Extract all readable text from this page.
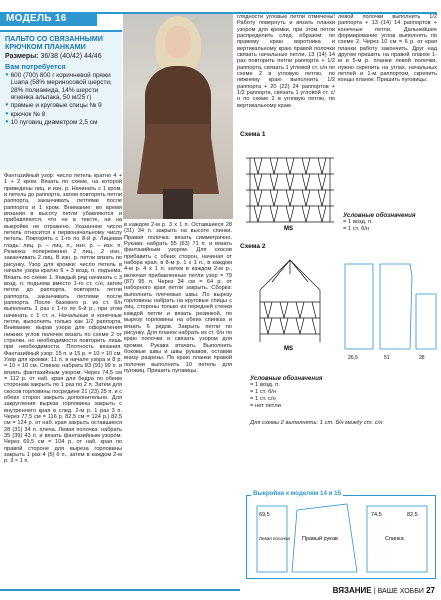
МОДЕЛЬ 16
ПАЛЬТО СО СВЯЗАННЫМИ КРЮЧКОМ ПЛАНКАМИ
Размеры: 36/38 (40/42) 44/46
Вам потребуется
● 600 (700) 800 г коричневой пряжи Luana (58% мериносовой шерсти, 28% полиамида, 14% шерсти ягненка альпака, 50 м/25 г)
● прямые и круговые спицы № 9
● крючок № 8
● 10 пуговиц диаметром 2,5 см
Фантазийный узор: число петель кратно 4 + 1 + 2 кром. Вязать по схеме, на которой приведены лиц. и изн. р. Начинать с 1 кром. и петель до раппорта, затем повторять петли раппорта, заканчивать петлями после раппорта и 1 кром. Внимание: во время вязания в высоту петли убавляются и прибавляются, что не в тексте, ни на выкройке не отражено. Указанное число петель относится к первоначальному числу петель. Повторять с 1-го по 8-й р. Лицевая гладь: лиц. р. – лиц. п., изн. р. – изн. п. Резинка: попеременно 2 лиц., 2 изн., заканчивать 2 лиц. В изн. р. петли вязать по рисунку. Узор для кромки: число петель в начале узора кратно 6 + 3 возд. п. подъема. Вязать по схеме 1. Каждый ряд начинать с 3 возд. п. подъема вместо 1-го ст. с/н, затем петли до раппорта, повторять петли раппорта, заканчивать петлями после раппорта. После базового р. из ст. б/н выполнить 1 раз с 1-го по 6-й р., при этом начинать с 1 ст. н. Начальные и конечные петли, выполнять только как 1/2 раппорта. Внимание: вырав узора для оформления нижних углов полочек вязать по схеме 2 от стрелки, но необходимости повторить лишь при необходимости. Плотность вязания. Фантазийный узор: 15 п. и 15 р. = 10 × 10 см. Узор для кромки: 11 п. в начале узора и 8 р. = 10 × 10 см. Спинка: набрать 83 (91) 99 п. и вязать фантазийным узором. Через 74,5 см = 112 р. от наб. края для бедра по обеим сторонам закрыть по 1 раз по 2 п. Затем для скосов горловины посредине 21 (23) 25 п. и с обеих сторон закрыть дополнительно. Для закругления выреза горловины закрыть с внутреннего края в след. 2-м р. 1 раз 3 п. Через 77,5 см = 116 р. 82,5 см = 124 р.) 82,5 см = 124 р. от наб. края закрыть оставшиеся 28 (31) 34 п. плеча. Левая полочка: набрать 35 (39) 43 п. и вязать фантазийным узором. Через 69,5 см = 104 р. от наб. края по правой стороне для выреза горловины закрыть 1 раз 4 (5) 6 п., затем в каждом 2-м р. 3 × 1 п.
в каждом 2-м р. 3 х 1 п. Оставшиеся 28 (31) 34 п. закрыть на высоте спинки. Правая полочка: вязать симметрично. Рукава: набрать 55 (63) 71 п. и вязать фантазийным узором. Для скосов прибавить с обеих сторон, начиная от набора края, в 8-м р. 1 х 1 п., в каждом 4-м р. 4 х 1 п. затем в каждом 2-м р., включая прибавленные петли узор = 79 (87) 95 п. Через 34 см = 64 р. от наборного края петли закрыть. Сборка: выполнить плечевые швы. По вырезу горловины набрать на круговые спицы с лиц. стороны только из передней стенки каждой петли и вязать резинкой, по вырезу горловины на обеих спинках и вязать 6 рядов. Закрыть петли по рисунку. Для планок набрать из ст. б/н по краю полочки и связать узором для кромки. Рукава втачать. Выполнить боковые швы и швы рукавов, оставив внизу разрезы. По краю планки правой полочки выполнить 10 петель для пуговиц. Пришить пуговицы.
глядности угловые петли отмечены! Работу повернуть и вязать планки узором для кромки, при этом петли распределить след. образом: по правому краю воротника и вертикальному краю правой полочки связать начальные петли, 13 (14) 14 раз повторить петли раппорта + 1/2 раппорта, связать 1 угловой ст. с/н по схеме 2 в угловую петлю, по нижнему краю выполнить 1/2 раппорта + 20 (22) 24 раппортов + 1/2 раппорта, связать 1 угловой ст. с/н по схеме 2 в угловую петлю, по вертикальному краю
левой полочки выполнить 1/2 раппорта + 13 (14) 14 раппортов + конечные петли. Дальнейшее формирование углов выполнять по схеме 2. Через 10 см = 6 р. от края планки работу закончить. Друг над другом пришить на правой планке 1-м и 5-м р. планки левой полочки, нужно скрепить на углах, начальных петлей и 1-м раппортом, скрепить концы планок. Пришить пуговицы.
Схема 1
MS
Условные обозначения
= 1 возд. п.
= 1 ст. б/н
Схема 2
MS
26,5	51	28
Условные обозначения
= 1 возд. п.
= 1 ст. б/н
= 1 ст. с/н
= нет петли
Для схемы 2 выполнять: 1 ст. б/н между ст. с/н
Выкройки к моделям 14 и 15
Правый рукав
Левая полочка	Спинка
69,5	74,5	82,5
ВЯЗАНИЕ | ВАШЕ ХОББИ 27
